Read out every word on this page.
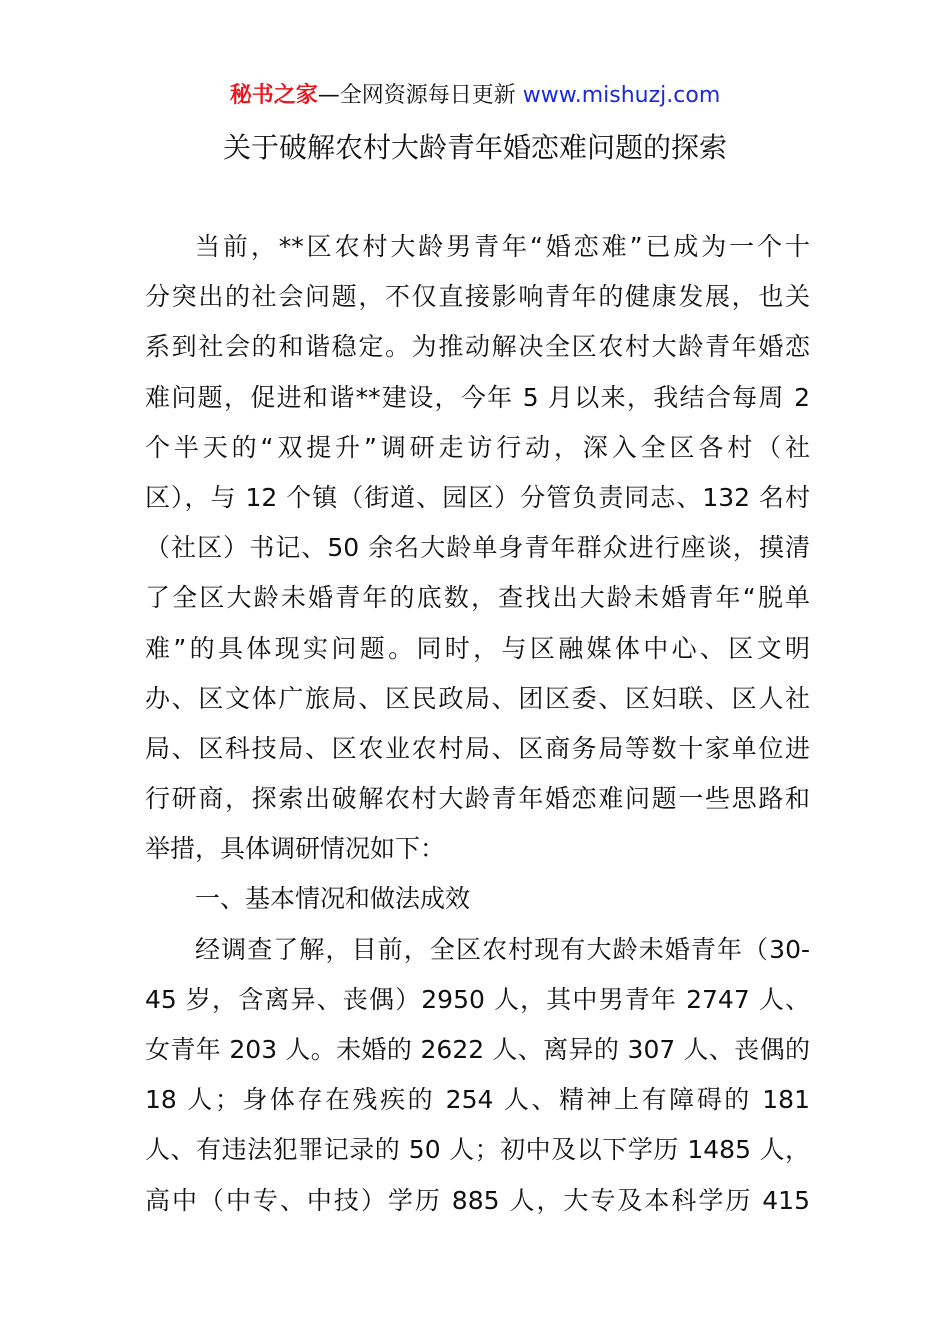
秘书之家—全网资源每日更新 www.mishuzj.com
关于破解农村大龄青年婚恋难问题的探索
当前，**区农村大龄男青年“婚恋难”已成为一个十
分突出的社会问题，不仅直接影响青年的健康发展，也关
系到社会的和谐稳定。为推动解决全区农村大龄青年婚恋
难问题，促进和谐**建设，今年 5 月以来，我结合每周 2
个半天的“双提升”调研走访行动，深入全区各村（社
区），与 12 个镇（街道、园区）分管负责同志、132 名村
（社区）书记、50 余名大龄单身青年群众进行座谈，摸清
了全区大龄未婚青年的底数，查找出大龄未婚青年“脱单
难”的具体现实问题。同时，与区融媒体中心、区文明
办、区文体广旅局、区民政局、团区委、区妇联、区人社
局、区科技局、区农业农村局、区商务局等数十家单位进
行研商，探索出破解农村大龄青年婚恋难问题一些思路和
举措，具体调研情况如下：
一、基本情况和做法成效
经调查了解，目前，全区农村现有大龄未婚青年（30-
45 岁，含离异、丧偶）2950 人，其中男青年 2747 人、
女青年 203 人。未婚的 2622 人、离异的 307 人、丧偶的
18 人；身体存在残疾的 254 人、精神上有障碍的 181
人、有违法犯罪记录的 50 人；初中及以下学历 1485 人，
高中（中专、中技）学历 885 人，大专及本科学历 415
